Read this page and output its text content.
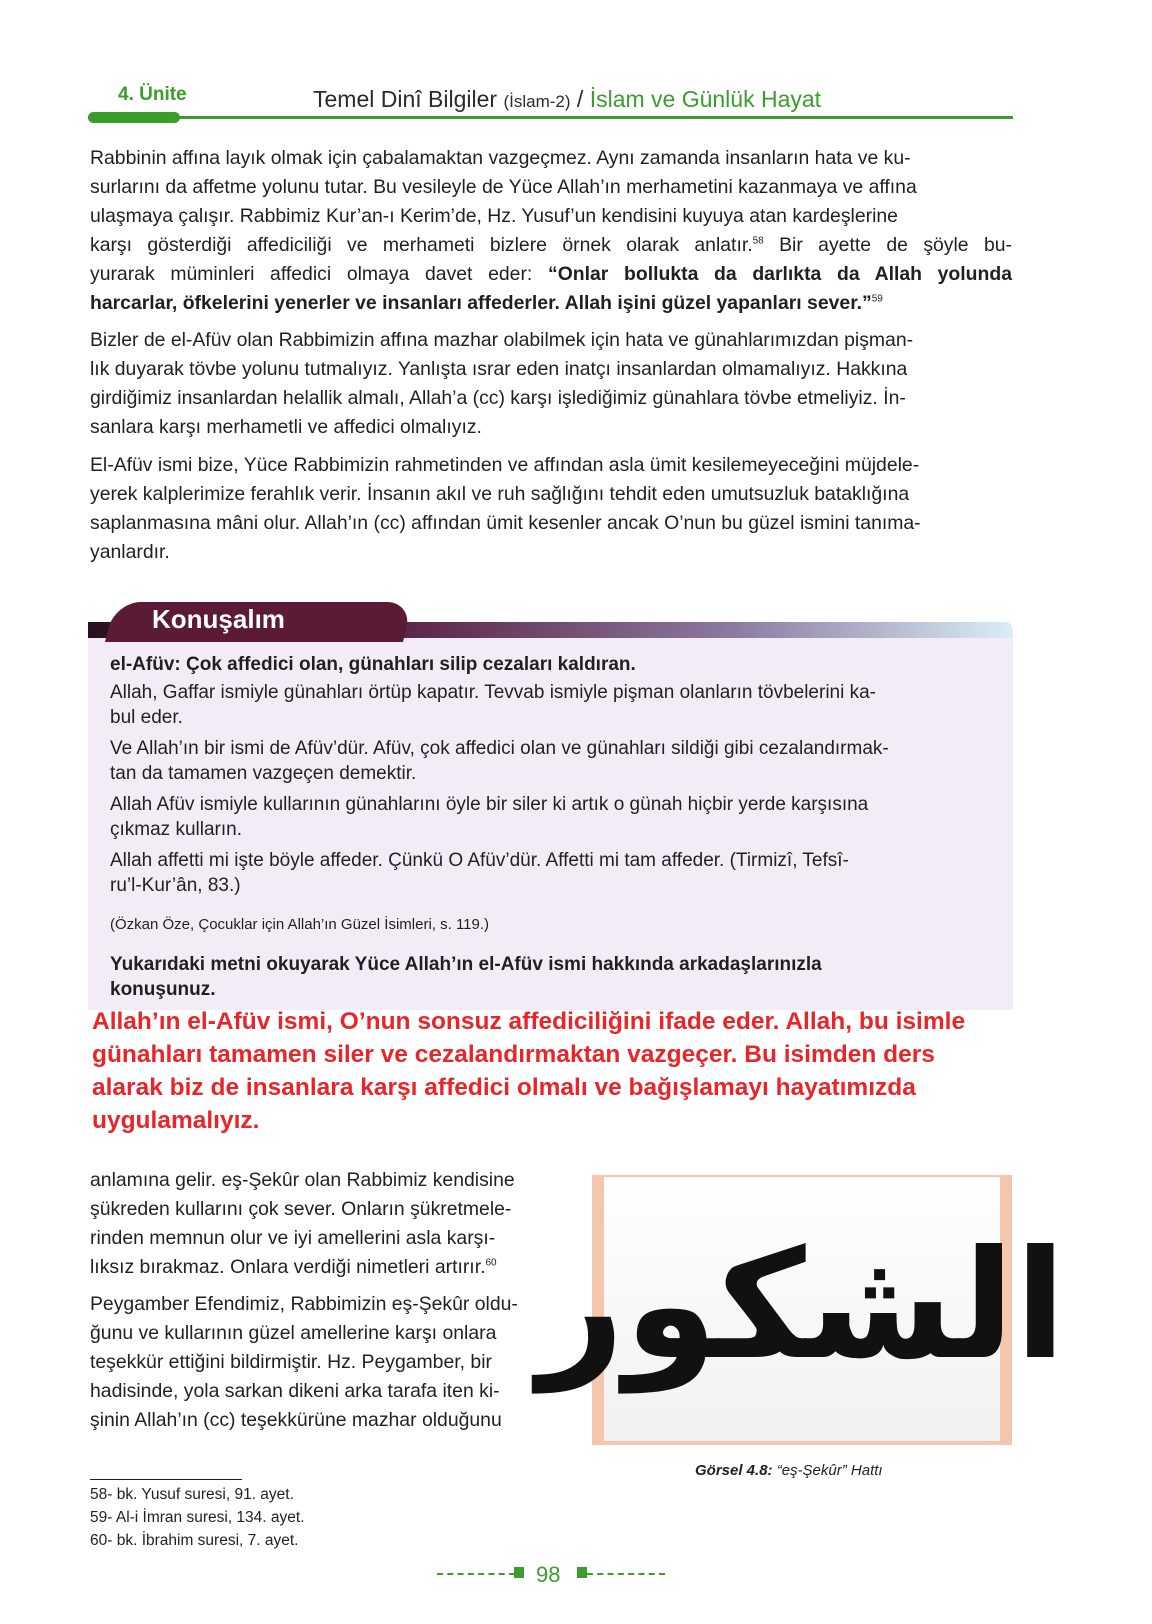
4. Ünite	Temel Dinî Bilgiler (İslam-2) / İslam ve Günlük Hayat
Rabbinin affına layık olmak için çabalamaktan vazgeçmez. Aynı zamanda insanların hata ve ku-
surlarını da affetme yolunu tutar. Bu vesileyle de Yüce Allah’ın merhametini kazanmaya ve affına
ulaşmaya çalışır. Rabbimiz Kur’an-ı Kerim’de, Hz. Yusuf’un kendisini kuyuya atan kardeşlerine
karşı gösterdiği affediciliği ve merhameti bizlere örnek olarak anlatır.$^{58}$ Bir ayette de şöyle bu-
yurarak müminleri affedici olmaya davet eder: “Onlar bollukta da darlıkta da Allah yolunda
harcarlar, öfkelerini yenerler ve insanları affederler. Allah işini güzel yapanları sever.”$^{59}$
Bizler de el-Afüv olan Rabbimizin affına mazhar olabilmek için hata ve günahlarımızdan pişman-
lık duyarak tövbe yolunu tutmalıyız. Yanlışta ısrar eden inatçı insanlardan olmamalıyız. Hakkına
girdiğimiz insanlardan helallik almalı, Allah’a (cc) karşı işlediğimiz günahlara tövbe etmeliyiz. İn-
sanlara karşı merhametli ve affedici olmalıyız.
El-Afüv ismi bize, Yüce Rabbimizin rahmetinden ve affından asla ümit kesilemeyeceğini müjdele-
yerek kalplerimize ferahlık verir. İnsanın akıl ve ruh sağlığını tehdit eden umutsuzluk bataklığına
saplanmasına mâni olur. Allah’ın (cc) affından ümit kesenler ancak O’nun bu güzel ismini tanıma-
yanlardır.
Konuşalım
el-Afüv: Çok affedici olan, günahları silip cezaları kaldıran.
Allah, Gaffar ismiyle günahları örtüp kapatır. Tevvab ismiyle pişman olanların tövbelerini ka-
bul eder.
Ve Allah’ın bir ismi de Afüv’dür. Afüv, çok affedici olan ve günahları sildiği gibi cezalandırmak-
tan da tamamen vazgeçen demektir.
Allah Afüv ismiyle kullarının günahlarını öyle bir siler ki artık o günah hiçbir yerde karşısına
çıkmaz kulların.
Allah affetti mi işte böyle affeder. Çünkü O Afüv’dür. Affetti mi tam affeder. (Tirmizî, Tefsî-
ru’l-Kur’ân, 83.)
(Özkan Öze, Çocuklar için Allah’ın Güzel İsimleri, s. 119.)
Yukarıdaki metni okuyarak Yüce Allah’ın el-Afüv ismi hakkında arkadaşlarınızla
konuşunuz.
Allah’ın el-Afüv ismi, O’nun sonsuz affediciliğini ifade eder. Allah, bu isimle
günahları tamamen siler ve cezalandırmaktan vazgeçer. Bu isimden ders
alarak biz de insanlara karşı affedici olmalı ve bağışlamayı hayatımızda
uygulamalıyız.
anlamına gelir. eş-Şekûr olan Rabbimiz kendisine
şükreden kullarını çok sever. Onların şükretmele-
rinden memnun olur ve iyi amellerini asla karşı-
lıksız bırakmaz. Onlara verdiği nimetleri artırır.$^{60}$
Peygamber Efendimiz, Rabbimizin eş-Şekûr oldu-
ğunu ve kullarının güzel amellerine karşı onlara
teşekkür ettiğini bildirmiştir. Hz. Peygamber, bir
hadisinde, yola sarkan dikeni arka tarafa iten ki-
şinin Allah’ın (cc) teşekkürüne mazhar olduğunu
الشكور
Görsel 4.8: “eş-Şekûr” Hattı
58- bk. Yusuf suresi, 91. ayet.
59- Al-i İmran suresi, 134. ayet.
60- bk. İbrahim suresi, 7. ayet.
98
